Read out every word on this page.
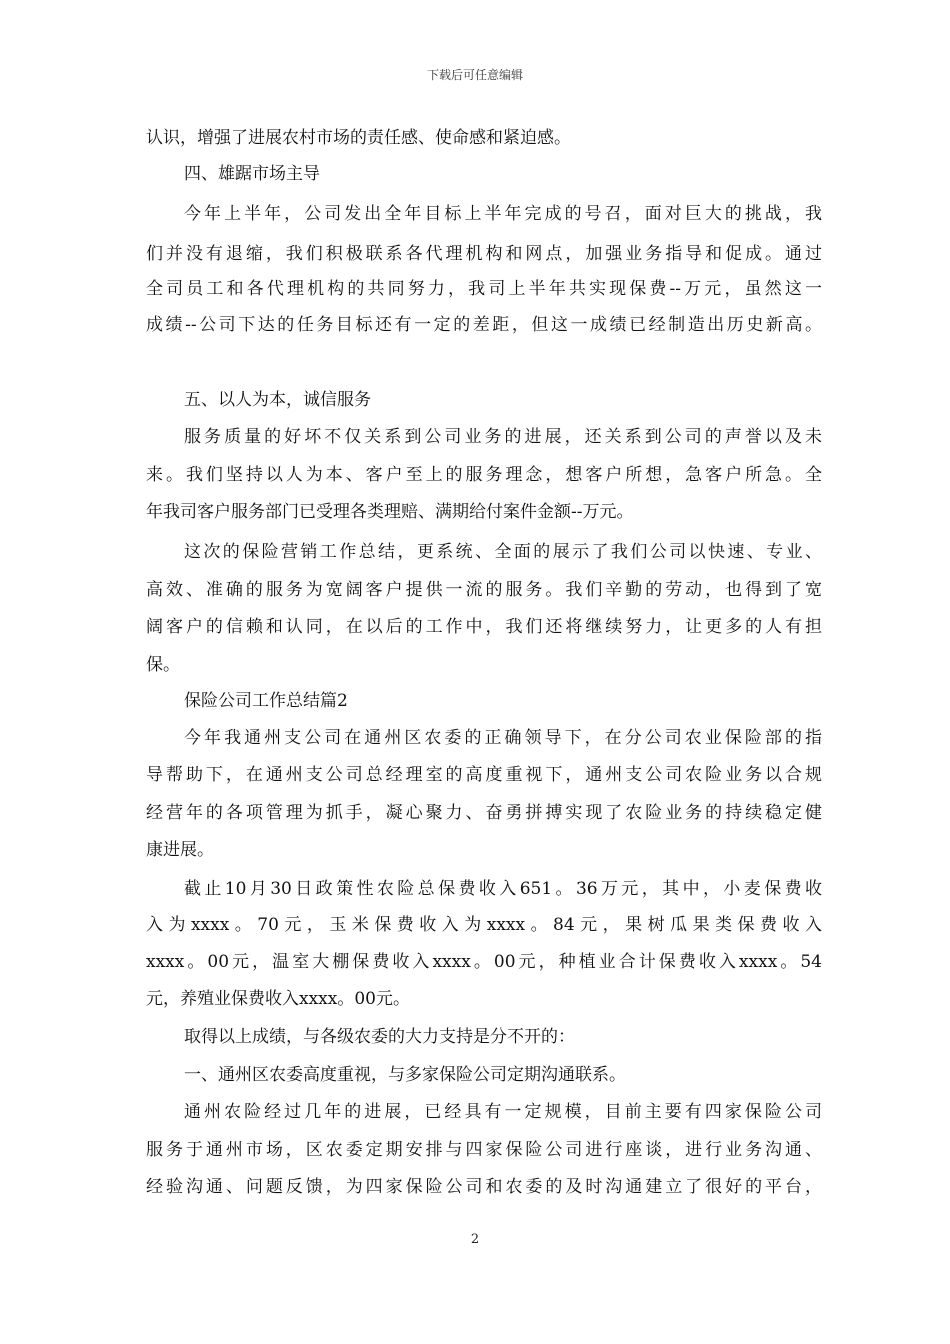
下载后可任意编辑
认识，增强了进展农村市场的责任感、使命感和紧迫感。
四、雄踞市场主导
今年上半年，公司发出全年目标上半年完成的号召，面对巨大的挑战，我
们并没有退缩，我们积极联系各代理机构和网点，加强业务指导和促成。通过
全司员工和各代理机构的共同努力，我司上半年共实现保费--万元，虽然这一
成绩--公司下达的任务目标还有一定的差距，但这一成绩已经制造出历史新高。
五、以人为本，诚信服务
服务质量的好坏不仅关系到公司业务的进展，还关系到公司的声誉以及未
来。我们坚持以人为本、客户至上的服务理念，想客户所想，急客户所急。全
年我司客户服务部门已受理各类理赔、满期给付案件金额--万元。
这次的保险营销工作总结，更系统、全面的展示了我们公司以快速、专业、
高效、准确的服务为宽阔客户提供一流的服务。我们辛勤的劳动，也得到了宽
阔客户的信赖和认同，在以后的工作中，我们还将继续努力，让更多的人有担
保。
保险公司工作总结篇2
今年我通州支公司在通州区农委的正确领导下，在分公司农业保险部的指
导帮助下，在通州支公司总经理室的高度重视下，通州支公司农险业务以合规
经营年的各项管理为抓手，凝心聚力、奋勇拼搏实现了农险业务的持续稳定健
康进展。
截止10月30日政策性农险总保费收入651。36万元，其中，小麦保费收
入为xxxx。70元，玉米保费收入为xxxx。84元，果树瓜果类保费收入
xxxx。00元，温室大棚保费收入xxxx。00元，种植业合计保费收入xxxx。54
元，养殖业保费收入xxxx。00元。
取得以上成绩，与各级农委的大力支持是分不开的：
一、通州区农委高度重视，与多家保险公司定期沟通联系。
通州农险经过几年的进展，已经具有一定规模，目前主要有四家保险公司
服务于通州市场，区农委定期安排与四家保险公司进行座谈，进行业务沟通、
经验沟通、问题反馈，为四家保险公司和农委的及时沟通建立了很好的平台，
2
